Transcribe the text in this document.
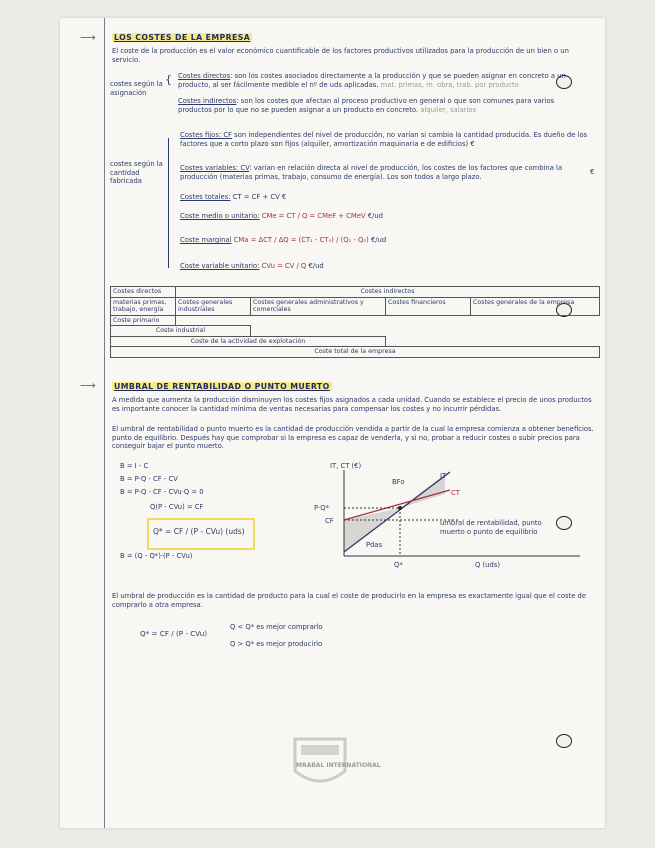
⟶ LOS COSTES DE LA EMPRESA
El coste de la producción es el valor económico cuantificable de los factores productivos utilizados para la producción de un bien o un servicio.
costes según la asignación
{ Costes directos: son los costes asociados directamente a la producción y que se pueden asignar en concreto a un producto, al ser fácilmente medible el nº de uds aplicadas. mat. primas, m. obra, trab. por producto
Costes indirectos: son los costes que afectan al proceso productivo en general o que son comunes para varios productos por lo que no se pueden asignar a un producto en concreto. alquiler, salarios
costes según la cantidad fabricada
Costes fijos: CF son independientes del nivel de producción, no varían si cambia la cantidad producida. Es dueño de los factores que a corto plazo son fijos (alquiler, amortización maquinaria e de edificios) €
Costes variables: CV: varían en relación directa al nivel de producción, los costes de los factores que combina la producción (materias primas, trabajo, consumo de energía). Los son todos a largo plazo.
€
Costes totales: CT = CF + CV €
Coste medio o unitario: CMe = CT / Q = CMeF + CMeV €/ud
Coste marginal CMa = ΔCT / ΔQ = (CT₁ - CT₀) / (Q₁ - Q₀) €/ud
Coste variable unitario: CVu = CV / Q €/ud
Costes directos	Costes indirectos			
materias primas, trabajo, energía	Costes generales industriales	Costes generales administrativos y comerciales	Costes financieros	Costes generales de la empresa
Coste primario				
Coste industrial				
Coste de la actividad de explotación				
Coste total de la empresa				
⟶ UMBRAL DE RENTABILIDAD O PUNTO MUERTO
A medida que aumenta la producción disminuyen los costes fijos asignados a cada unidad. Cuando se establece el precio de unos productos es importante conocer la cantidad mínima de ventas necesarias para compensar los costes y no incurrir pérdidas.
El umbral de rentabilidad o punto muerto es la cantidad de producción vendida a partir de la cual la empresa comienza a obtener beneficios. punto de equilibrio. Después hay que comprobar si la empresa es capaz de venderla, y si no, probar a reducir costes o subir precios para conseguir bajar el punto muerto.
B = I - C
B = P·Q - CF - CV
B = P·Q - CF - CVu·Q = 0
Q(P - CVu) = CF
Q* = CF / (P - CVu) (uds)
B = (Q - Q*)·(P - CVu)
IT, CT (€)
P·Q*
CF
Q*	Q (uds)
IT
CT
BFo
Pdas
umbral de rentabilidad, punto muerto o punto de equilibrio
El umbral de producción es la cantidad de producto para la cual el coste de producirlo en la empresa es exactamente igual que el coste de comprarlo a otra empresa.
Q* = CF / (P - CVu)
Q < Q* es mejor comprarlo
Q > Q* es mejor producirlo
MRABAL INTERNATIONAL
